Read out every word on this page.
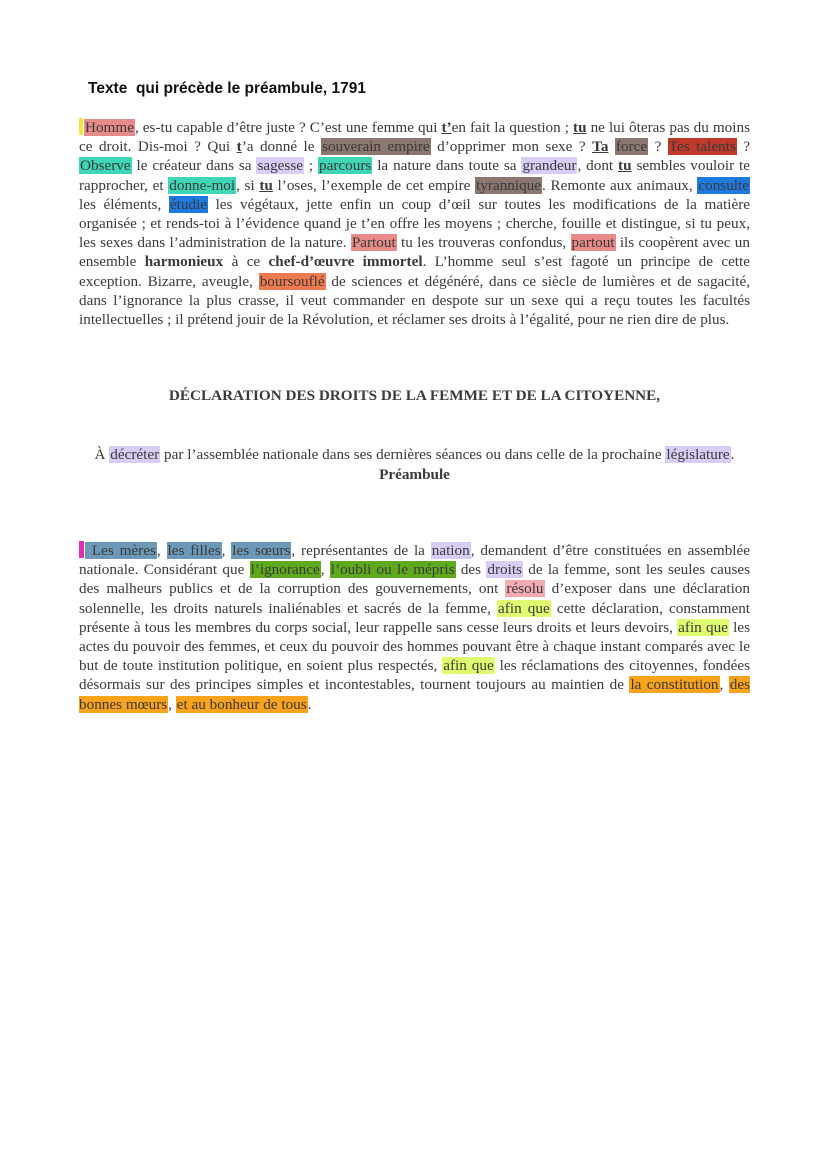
Texte  qui précède le préambule, 1791
Homme, es-tu capable d’être juste ? C’est une femme qui t’en fait la question ; tu ne lui ôteras pas du moins ce droit. Dis-moi ? Qui t’a donné le souverain empire d’opprimer mon sexe ? Ta force ? Tes talents ? Observe le créateur dans sa sagesse ; parcours la nature dans toute sa grandeur, dont tu sembles vouloir te rapprocher, et donne-moi, si tu l’oses, l’exemple de cet empire tyrannique. Remonte aux animaux, consulte les éléments, étudie les végétaux, jette enfin un coup d’œil sur toutes les modifications de la matière organisée ; et rends-toi à l’évidence quand je t’en offre les moyens ; cherche, fouille et distingue, si tu peux, les sexes dans l’administration de la nature. Partout tu les trouveras confondus, partout ils coopèrent avec un ensemble harmonieux à ce chef-d’œuvre immortel. L’homme seul s’est fagoté un principe de cette exception. Bizarre, aveugle, boursouflé de sciences et dégénéré, dans ce siècle de lumières et de sagacité, dans l’ignorance la plus crasse, il veut commander en despote sur un sexe qui a reçu toutes les facultés intellectuelles ; il prétend jouir de la Révolution, et réclamer ses droits à l’égalité, pour ne rien dire de plus.
DÉCLARATION DES DROITS DE LA FEMME ET DE LA CITOYENNE,
À décréter par l’assemblée nationale dans ses dernières séances ou dans celle de la prochaine législature.
Préambule
Les mères, les filles, les sœurs, représentantes de la nation, demandent d’être constituées en assemblée nationale. Considérant que l’ignorance, l’oubli ou le mépris des droits de la femme, sont les seules causes des malheurs publics et de la corruption des gouvernements, ont résolu d’exposer dans une déclaration solennelle, les droits naturels inaliénables et sacrés de la femme, afin que cette déclaration, constamment présente à tous les membres du corps social, leur rappelle sans cesse leurs droits et leurs devoirs, afin que les actes du pouvoir des femmes, et ceux du pouvoir des hommes pouvant être à chaque instant comparés avec le but de toute institution politique, en soient plus respectés, afin que les réclamations des citoyennes, fondées désormais sur des principes simples et incontestables, tournent toujours au maintien de la constitution, des bonnes mœurs, et au bonheur de tous.
